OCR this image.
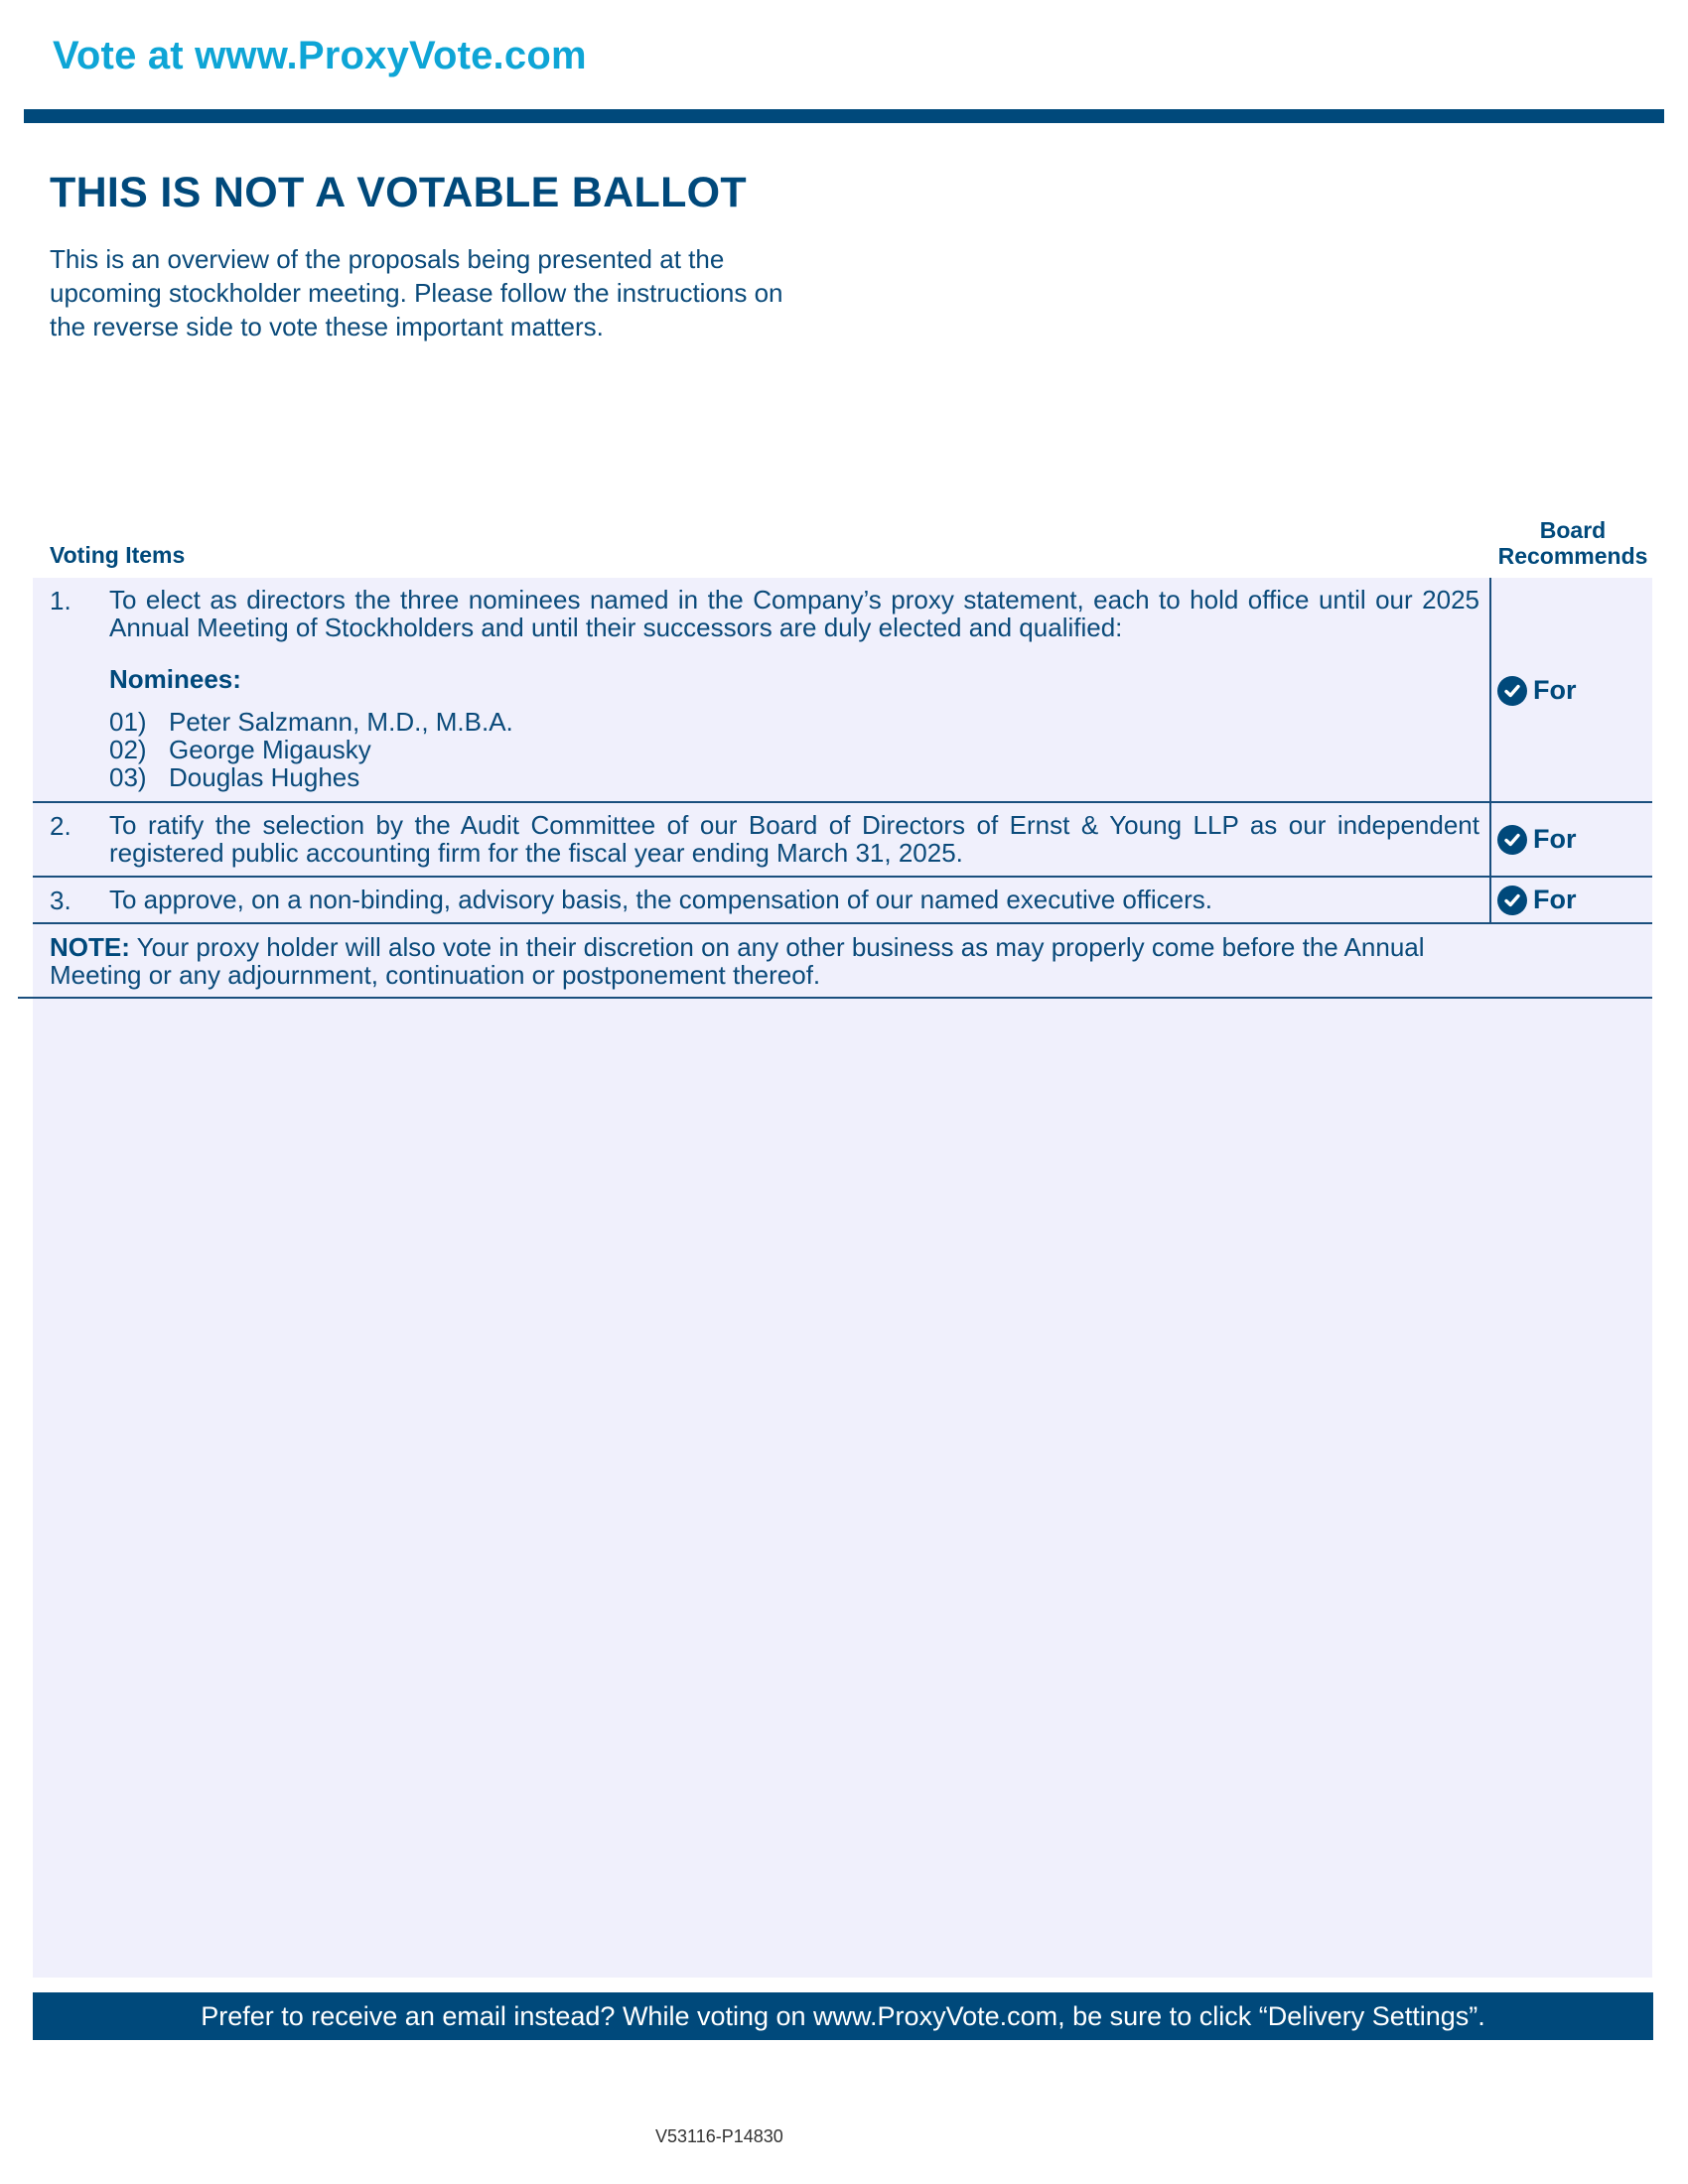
Vote at www.ProxyVote.com
THIS IS NOT A VOTABLE BALLOT
This is an overview of the proposals being presented at the
upcoming stockholder meeting. Please follow the instructions on
the reverse side to vote these important matters.
Voting Items
Board
Recommends
1. To elect as directors the three nominees named in the Company’s proxy statement, each to hold office until our 2025 Annual Meeting of Stockholders and until their successors are duly elected and qualified:
Nominees:
01) Peter Salzmann, M.D., M.B.A.
02) George Migausky
03) Douglas Hughes
For
2. To ratify the selection by the Audit Committee of our Board of Directors of Ernst & Young LLP as our independent registered public accounting firm for the fiscal year ending March 31, 2025.	For
3. To approve, on a non-binding, advisory basis, the compensation of our named executive officers.	For
NOTE: Your proxy holder will also vote in their discretion on any other business as may properly come before the Annual Meeting or any adjournment, continuation or postponement thereof.
Prefer to receive an email instead? While voting on www.ProxyVote.com, be sure to click “Delivery Settings”.
V53116-P14830
